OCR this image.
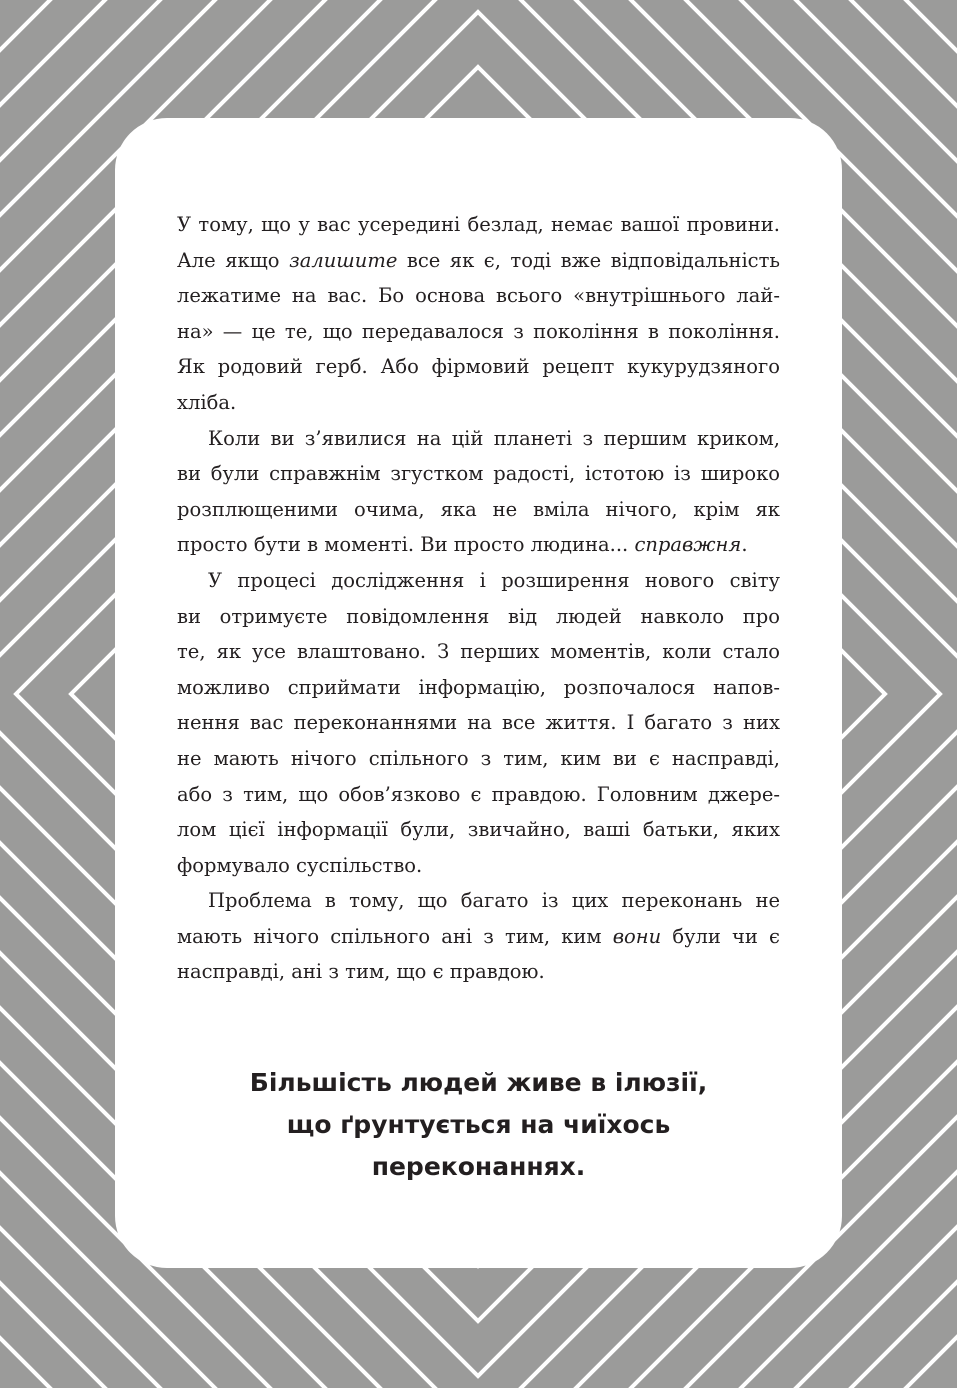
У тому, що у вас усередині безлад, немає вашої провини.
Але якщо залишите все як є, тоді вже відповідальність
лежатиме на вас. Бо основа всього «внутрішнього лай-
на» — це те, що передавалося з покоління в покоління.
Як родовий герб. Або фірмовий рецепт кукурудзяного
хліба.

Коли ви з’явилися на цій планеті з першим криком,
ви були справжнім згустком радості, істотою із широко
розплющеними очима, яка не вміла нічого, крім як
просто бути в моменті. Ви просто людина... справжня.

У процесі дослідження і розширення нового світу
ви отримуєте повідомлення від людей навколо про
те, як усе влаштовано. З перших моментів, коли стало
можливо сприймати інформацію, розпочалося напов-
нення вас переконаннями на все життя. І багато з них
не мають нічого спільного з тим, ким ви є насправді,
або з тим, що обов’язково є правдою. Головним джере-
лом цієї інформації були, звичайно, ваші батьки, яких
формувало суспільство.

Проблема в тому, що багато із цих переконань не
мають нічого спільного ані з тим, ким вони були чи є
насправді, ані з тим, що є правдою.

Більшість людей живе в ілюзії,
що ґрунтується на чиїхось
переконаннях.
